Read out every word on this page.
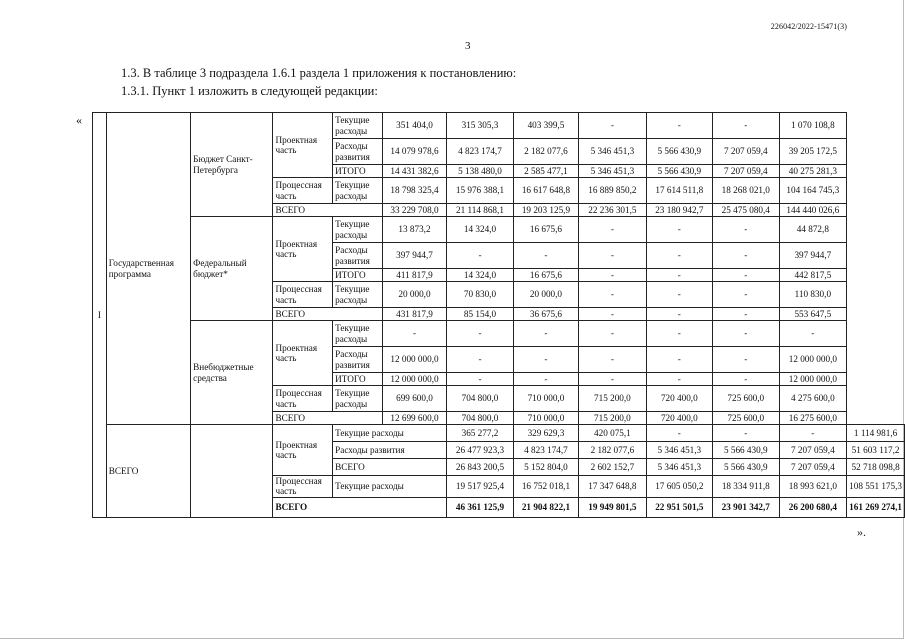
226042/2022-15471(3)
3
1.3. В таблице 3 подраздела 1.6.1 раздела 1 приложения к постановлению:
1.3.1. Пункт 1 изложить в следующей редакции:
«
».
I	Государственная программа	Бюджет Санкт-Петербурга	Проектная часть	Текущие расходы	351 404,0	315 305,3	403 399,5	-	-	-	1 070 108,8	
				Расходы развития	14 079 978,6	4 823 174,7	2 182 077,6	5 346 451,3	5 566 430,9	7 207 059,4	39 205 172,5	
				ИТОГО	14 431 382,6	5 138 480,0	2 585 477,1	5 346 451,3	5 566 430,9	7 207 059,4	40 275 281,3	
			Процессная часть	Текущие расходы	18 798 325,4	15 976 388,1	16 617 648,8	16 889 850,2	17 614 511,8	18 268 021,0	104 164 745,3	
			ВСЕГО		33 229 708,0	21 114 868,1	19 203 125,9	22 236 301,5	23 180 942,7	25 475 080,4	144 440 026,6	
		Федеральный бюджет*	Проектная часть	Текущие расходы	13 873,2	14 324,0	16 675,6	-	-	-	44 872,8	
				Расходы развития	397 944,7	-	-	-	-	-	397 944,7	
				ИТОГО	411 817,9	14 324,0	16 675,6	-	-	-	442 817,5	
			Процессная часть	Текущие расходы	20 000,0	70 830,0	20 000,0	-	-	-	110 830,0	
			ВСЕГО		431 817,9	85 154,0	36 675,6	-	-	-	553 647,5	
		Внебюджетные средства	Проектная часть	Текущие расходы	-	-	-	-	-	-	-	
				Расходы развития	12 000 000,0	-	-	-	-	-	12 000 000,0	
				ИТОГО	12 000 000,0	-	-	-	-	-	12 000 000,0	
			Процессная часть	Текущие расходы	699 600,0	704 800,0	710 000,0	715 200,0	720 400,0	725 600,0	4 275 600,0	
			ВСЕГО		12 699 600,0	704 800,0	710 000,0	715 200,0	720 400,0	725 600,0	16 275 600,0	
	ВСЕГО		Проектная часть	Текущие расходы		365 277,2	329 629,3	420 075,1	-	-	-	1 114 981,6
				Расходы развития		26 477 923,3	4 823 174,7	2 182 077,6	5 346 451,3	5 566 430,9	7 207 059,4	51 603 117,2
				ВСЕГО		26 843 200,5	5 152 804,0	2 602 152,7	5 346 451,3	5 566 430,9	7 207 059,4	52 718 098,8
			Процессная часть	Текущие расходы		19 517 925,4	16 752 018,1	17 347 648,8	17 605 050,2	18 334 911,8	18 993 621,0	108 551 175,3
			ВСЕГО			46 361 125,9	21 904 822,1	19 949 801,5	22 951 501,5	23 901 342,7	26 200 680,4	161 269 274,1
